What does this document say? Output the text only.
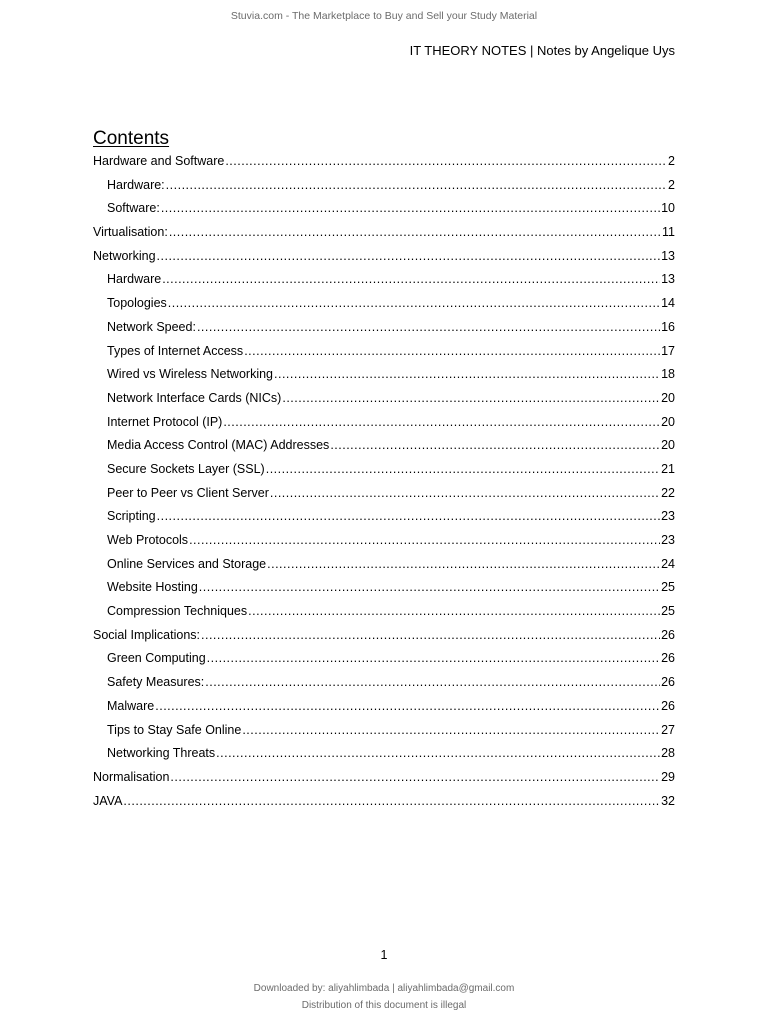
Stuvia.com - The Marketplace to Buy and Sell your Study Material
IT THEORY NOTES | Notes by Angelique Uys
Contents
Hardware and Software .....	2
Hardware: .....	2
Software: .....	10
Virtualisation: .....	11
Networking .....	13
Hardware .....	13
Topologies .....	14
Network Speed: .....	16
Types of Internet Access .....	17
Wired vs Wireless Networking .....	18
Network Interface Cards (NICs) .....	20
Internet Protocol (IP) .....	20
Media Access Control (MAC) Addresses .....	20
Secure Sockets Layer (SSL) .....	21
Peer to Peer vs Client Server .....	22
Scripting .....	23
Web Protocols .....	23
Online Services and Storage .....	24
Website Hosting .....	25
Compression Techniques .....	25
Social Implications: .....	26
Green Computing .....	26
Safety Measures: .....	26
Malware .....	26
Tips to Stay Safe Online .....	27
Networking Threats .....	28
Normalisation .....	29
JAVA .....	32
1
Downloaded by: aliyahlimbada | aliyahlimbada@gmail.com
Distribution of this document is illegal
